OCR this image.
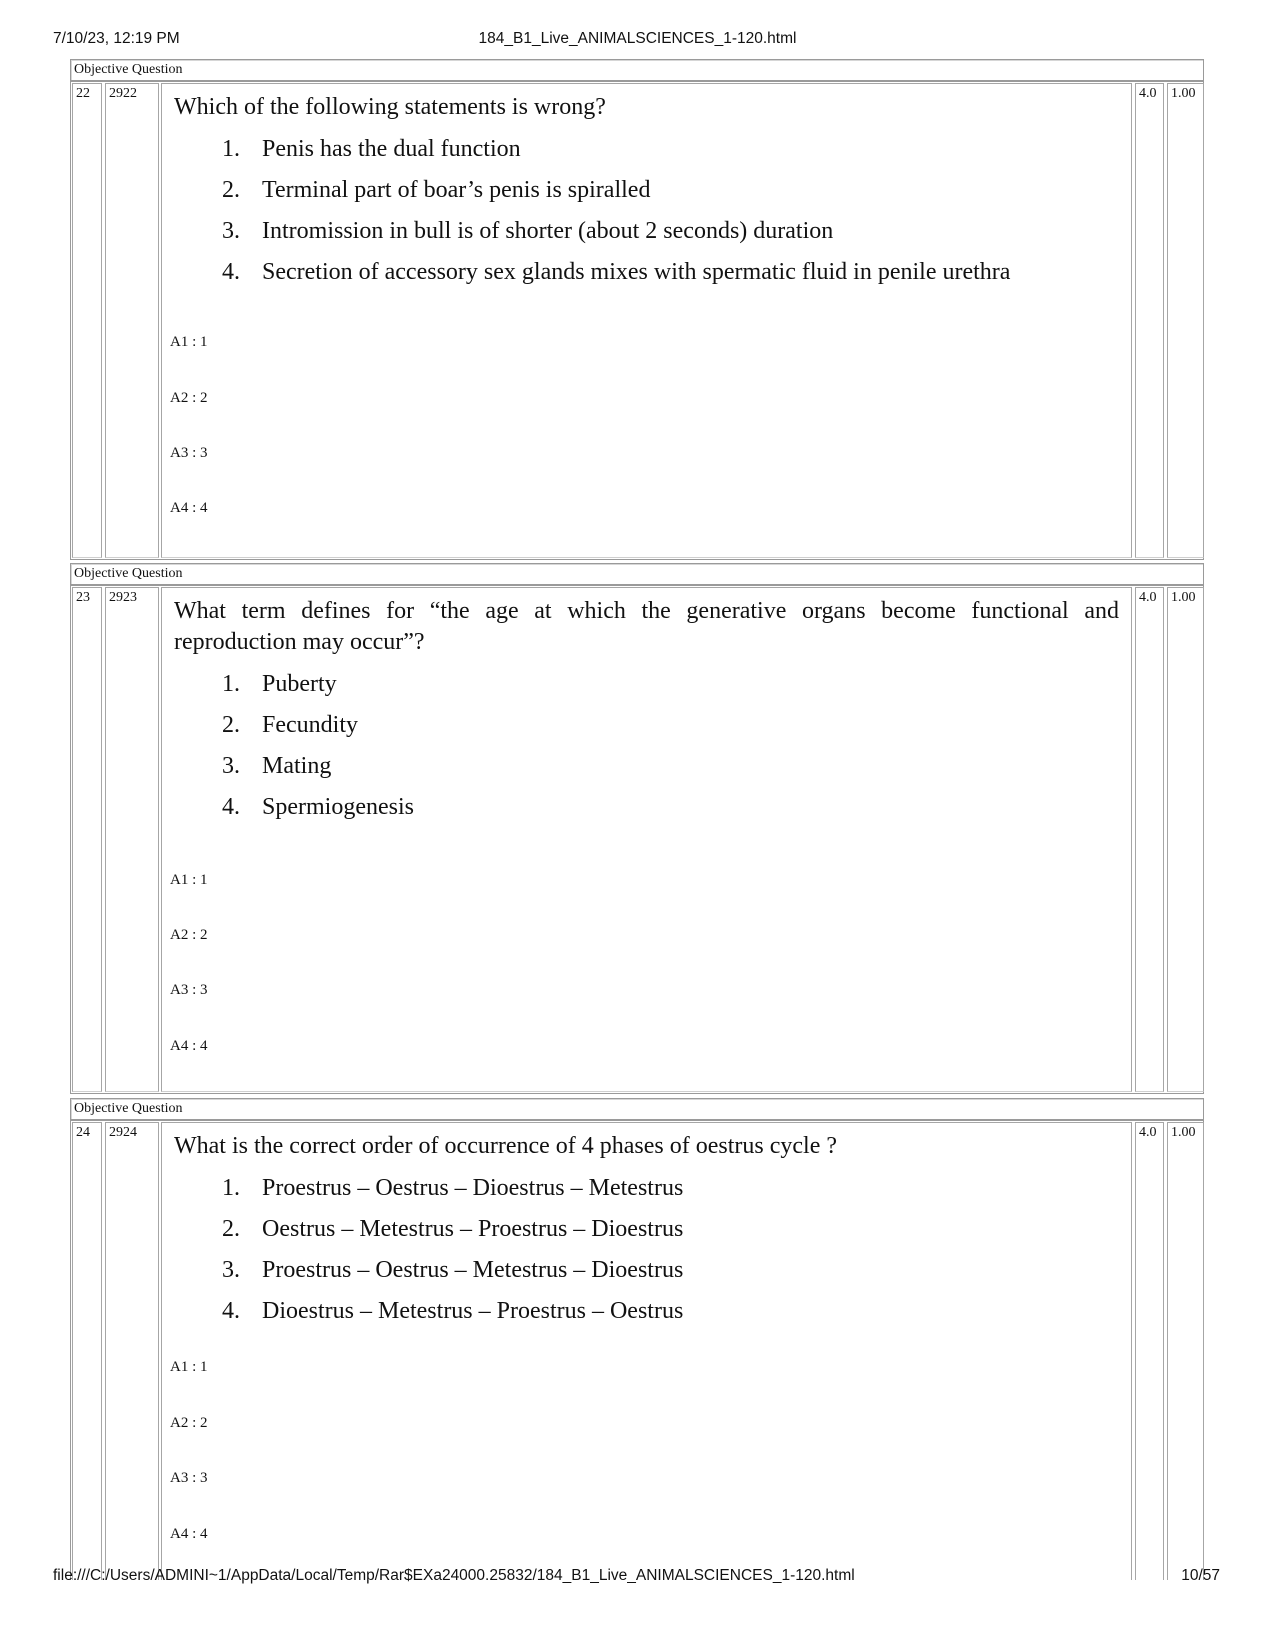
7/10/23, 12:19 PM	184_B1_Live_ANIMALSCIENCES_1-120.html
Objective Question
22	2922
Which of the following statements is wrong?
1. Penis has the dual function
2. Terminal part of boar’s penis is spiralled
3. Intromission in bull is of shorter (about 2 seconds) duration
4. Secretion of accessory sex glands mixes with spermatic fluid in penile urethra
A1 : 1
A2 : 2
A3 : 3
A4 : 4
4.0	1.00
Objective Question
23	2923
What term defines for “the age at which the generative organs become functional and reproduction may occur”?
1. Puberty
2. Fecundity
3. Mating
4. Spermiogenesis
A1 : 1
A2 : 2
A3 : 3
A4 : 4
4.0	1.00
Objective Question
24	2924
What is the correct order of occurrence of 4 phases of oestrus cycle ?
1. Proestrus – Oestrus – Dioestrus – Metestrus
2. Oestrus – Metestrus – Proestrus – Dioestrus
3. Proestrus – Oestrus – Metestrus – Dioestrus
4. Dioestrus – Metestrus – Proestrus – Oestrus
A1 : 1
A2 : 2
A3 : 3
A4 : 4
4.0	1.00
file:///C:/Users/ADMINI~1/AppData/Local/Temp/Rar$EXa24000.25832/184_B1_Live_ANIMALSCIENCES_1-120.html	10/57
